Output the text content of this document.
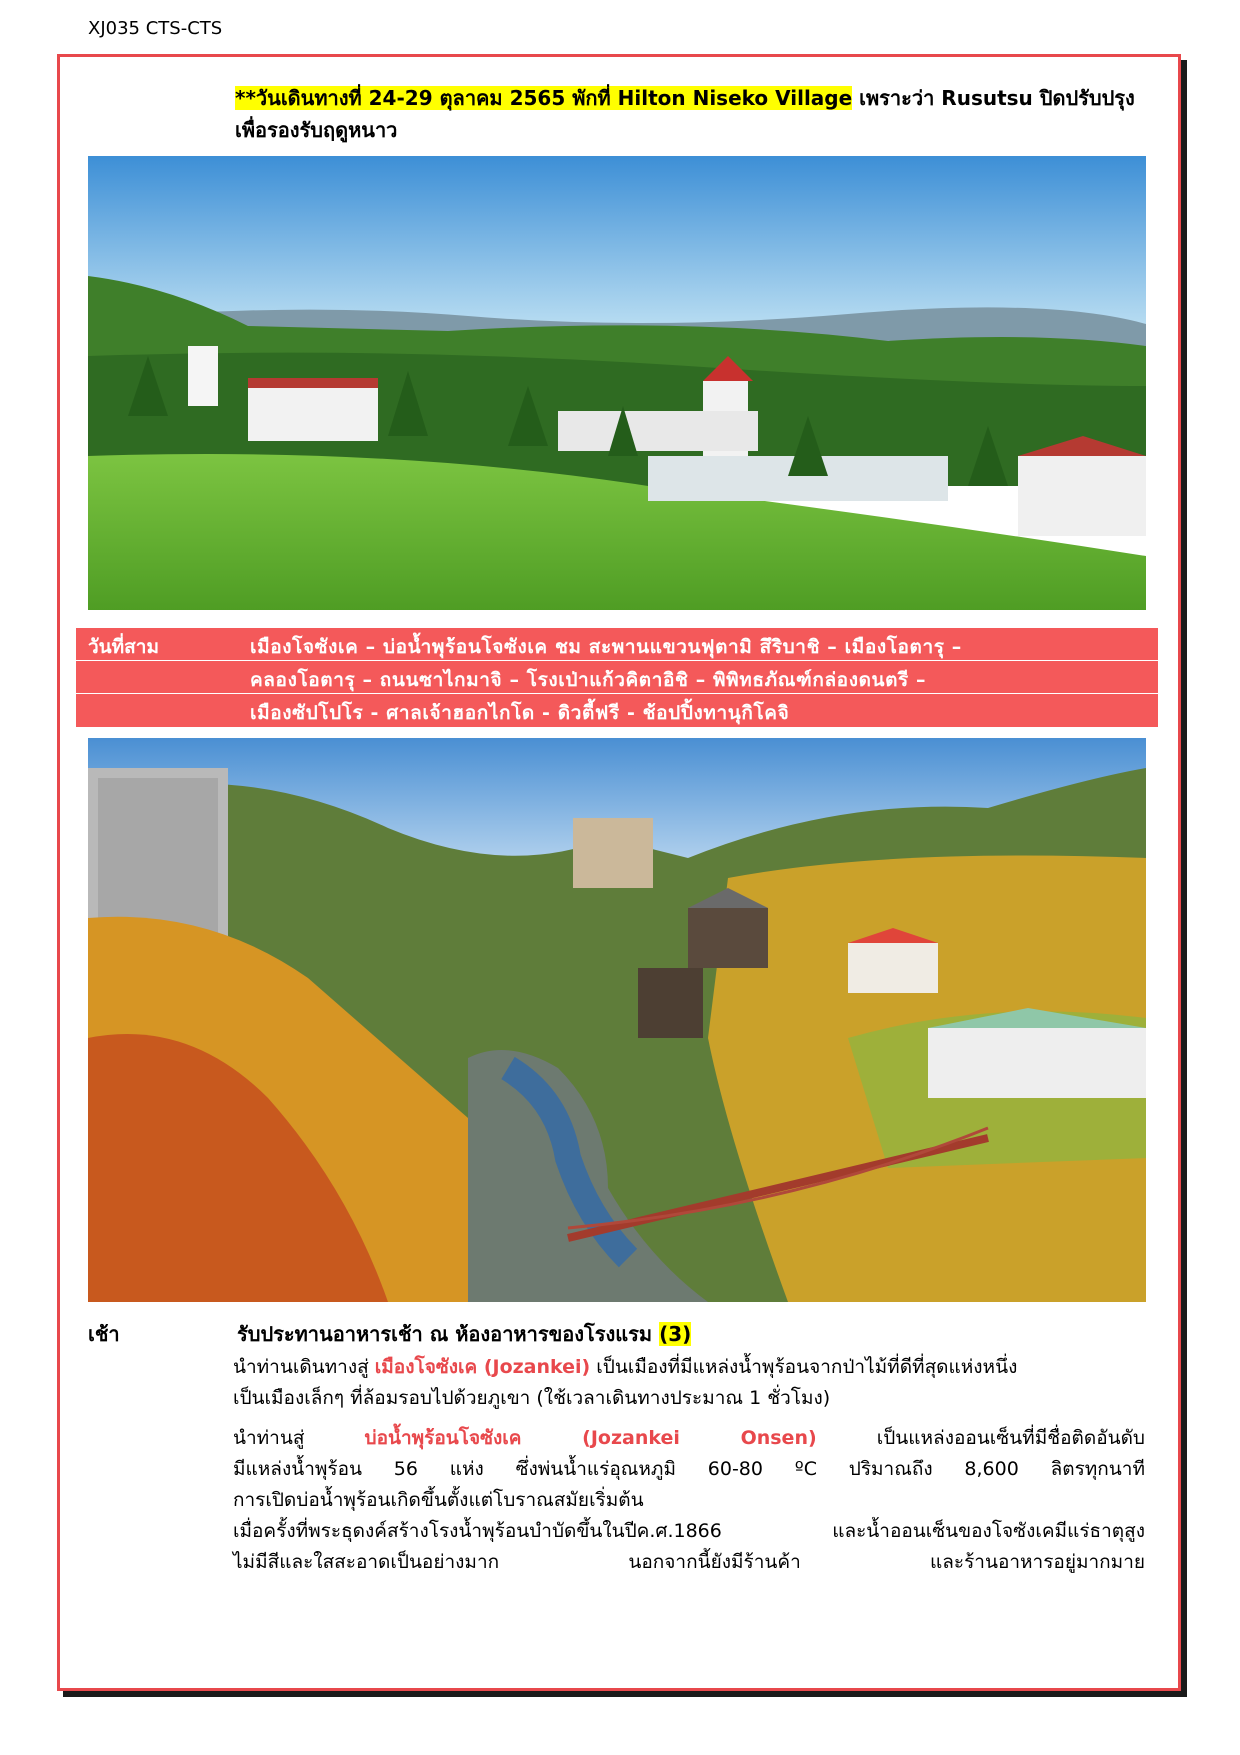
XJ035 CTS-CTS
**วันเดินทางที่ 24-29 ตุลาคม 2565 พักที่ Hilton Niseko Village เพราะว่า Rusutsu ปิดปรับปรุงเพื่อรองรับฤดูหนาว
วันที่สาม	เมืองโจซังเค – บ่อน้ำพุร้อนโจซังเค ชม สะพานแขวนฟุตามิ สึริบาชิ – เมืองโอตารุ –
คลองโอตารุ – ถนนซาไกมาจิ – โรงเป่าแก้วคิตาอิชิ – พิพิทธภัณฑ์กล่องดนตรี –
เมืองซัปโปโร - ศาลเจ้าฮอกไกโด - ดิวตี้ฟรี - ช้อปปิ้งทานุกิโคจิ
เช้า	รับประทานอาหารเช้า ณ ห้องอาหารของโรงแรม (3)
นำท่านเดินทางสู่ เมืองโจซังเค (Jozankei) เป็นเมืองที่มีแหล่งน้ำพุร้อนจากป่าไม้ที่ดีที่สุดแห่งหนึ่ง
เป็นเมืองเล็กๆ ที่ล้อมรอบไปด้วยภูเขา (ใช้เวลาเดินทางประมาณ 1 ชั่วโมง)
นำท่านสู่ บ่อน้ำพุร้อนโจซังเค (Jozankei Onsen) เป็นแหล่งออนเซ็นที่มีชื่อติดอันดับ
มีแหล่งน้ำพุร้อน 56 แห่ง ซึ่งพ่นน้ำแร่อุณหภูมิ 60-80 ºC ปริมาณถึง 8,600 ลิตรทุกนาที
การเปิดบ่อน้ำพุร้อนเกิดขึ้นตั้งแต่โบราณสมัยเริ่มต้น
เมื่อครั้งที่พระธุดงค์สร้างโรงน้ำพุร้อนบำบัดขึ้นในปีค.ศ.1866 และน้ำออนเซ็นของโจซังเคมีแร่ธาตุสูง
ไม่มีสีและใสสะอาดเป็นอย่างมาก นอกจากนี้ยังมีร้านค้า และร้านอาหารอยู่มากมาย
